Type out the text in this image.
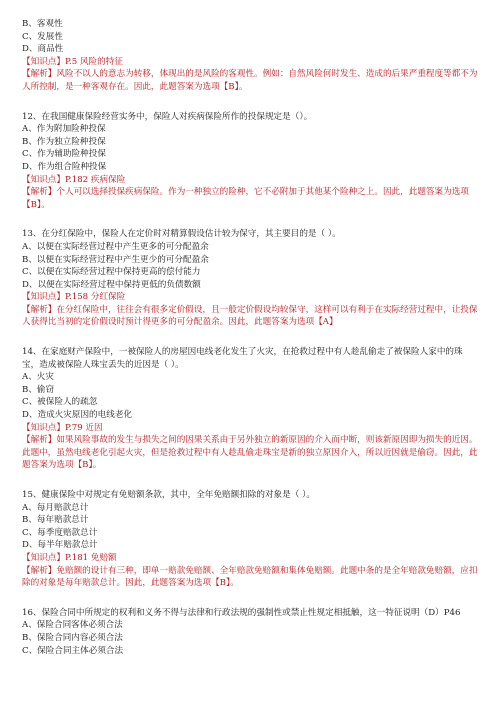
B、客观性
C、发展性
D、商品性
【知识点】P.5 风险的特征
【解析】风险不以人的意志为转移，体现出的是风险的客观性。例如：自然风险何时发生、造成的后果严重程度等都不为人所控制，是一种客观存在。因此，此题答案为选项【B】。
12、在我国健康保险经营实务中，保险人对疾病保险所作的投保规定是（）。
A、作为附加险种投保
B、作为独立险种投保
C、作为辅助险种投保
D、作为组合险种投保
【知识点】P.182 疾病保险
【解析】个人可以选择投保疾病保险。作为一种独立的险种，它不必附加于其他某个险种之上。因此，此题答案为选项【B】。
13、在分红保险中，保险人在定价时对精算假设估计较为保守，其主要目的是（ ）。
A、以便在实际经营过程中产生更多的可分配盈余
B、以便在实际经营过程中产生更少的可分配盈余
C、以便在实际经营过程中保持更高的偿付能力
D、以便在实际经营过程中保持更低的负债数额
【知识点】P.158 分红保险
【解析】在分红保险中，往往会有很多定价假设，且一般定价假设均较保守，这样可以有利于在实际经营过程中，让投保人获得比当初的定价假设时预计得更多的可分配盈余。因此，此题答案为选项【A】
14、在家庭财产保险中，一被保险人的房屋因电线老化发生了火灾，在抢救过程中有人趁乱偷走了被保险人家中的珠宝，造成被保险人珠宝丢失的近因是（ ）。
A、火灾
B、偷窃
C、被保险人的疏忽
D、造成火灾原因的电线老化
【知识点】P.79 近因
【解析】如果风险事故的发生与损失之间的因果关系由于另外独立的新原因的介入而中断，则该新原因即为损失的近因。此题中，虽然电线老化引起火灾，但是抢救过程中有人趁乱偷走珠宝是新的独立原因介入，所以近因就是偷窃。因此，此题答案为选项【B】。
15、健康保险中对规定有免赔额条款，其中，全年免赔额扣除的对象是（ ）。
A、每月赔款总计
B、每年赔款总计
C、每季度赔款总计
D、每半年赔款总计
【知识点】P.181 免赔额
【解析】免赔额的设计有三种，即单一赔款免赔额、全年赔款免赔额和集体免赔额。此题中条的是全年赔款免赔额，应扣除的对象是每年赔款总计。因此，此题答案为选项【B】。
16、保险合同中所规定的权利和义务不得与法律和行政法规的强制性或禁止性规定相抵触，这一特征说明（D）P46
A、保险合同客体必须合法
B、保险合同内容必须合法
C、保险合同主体必须合法
